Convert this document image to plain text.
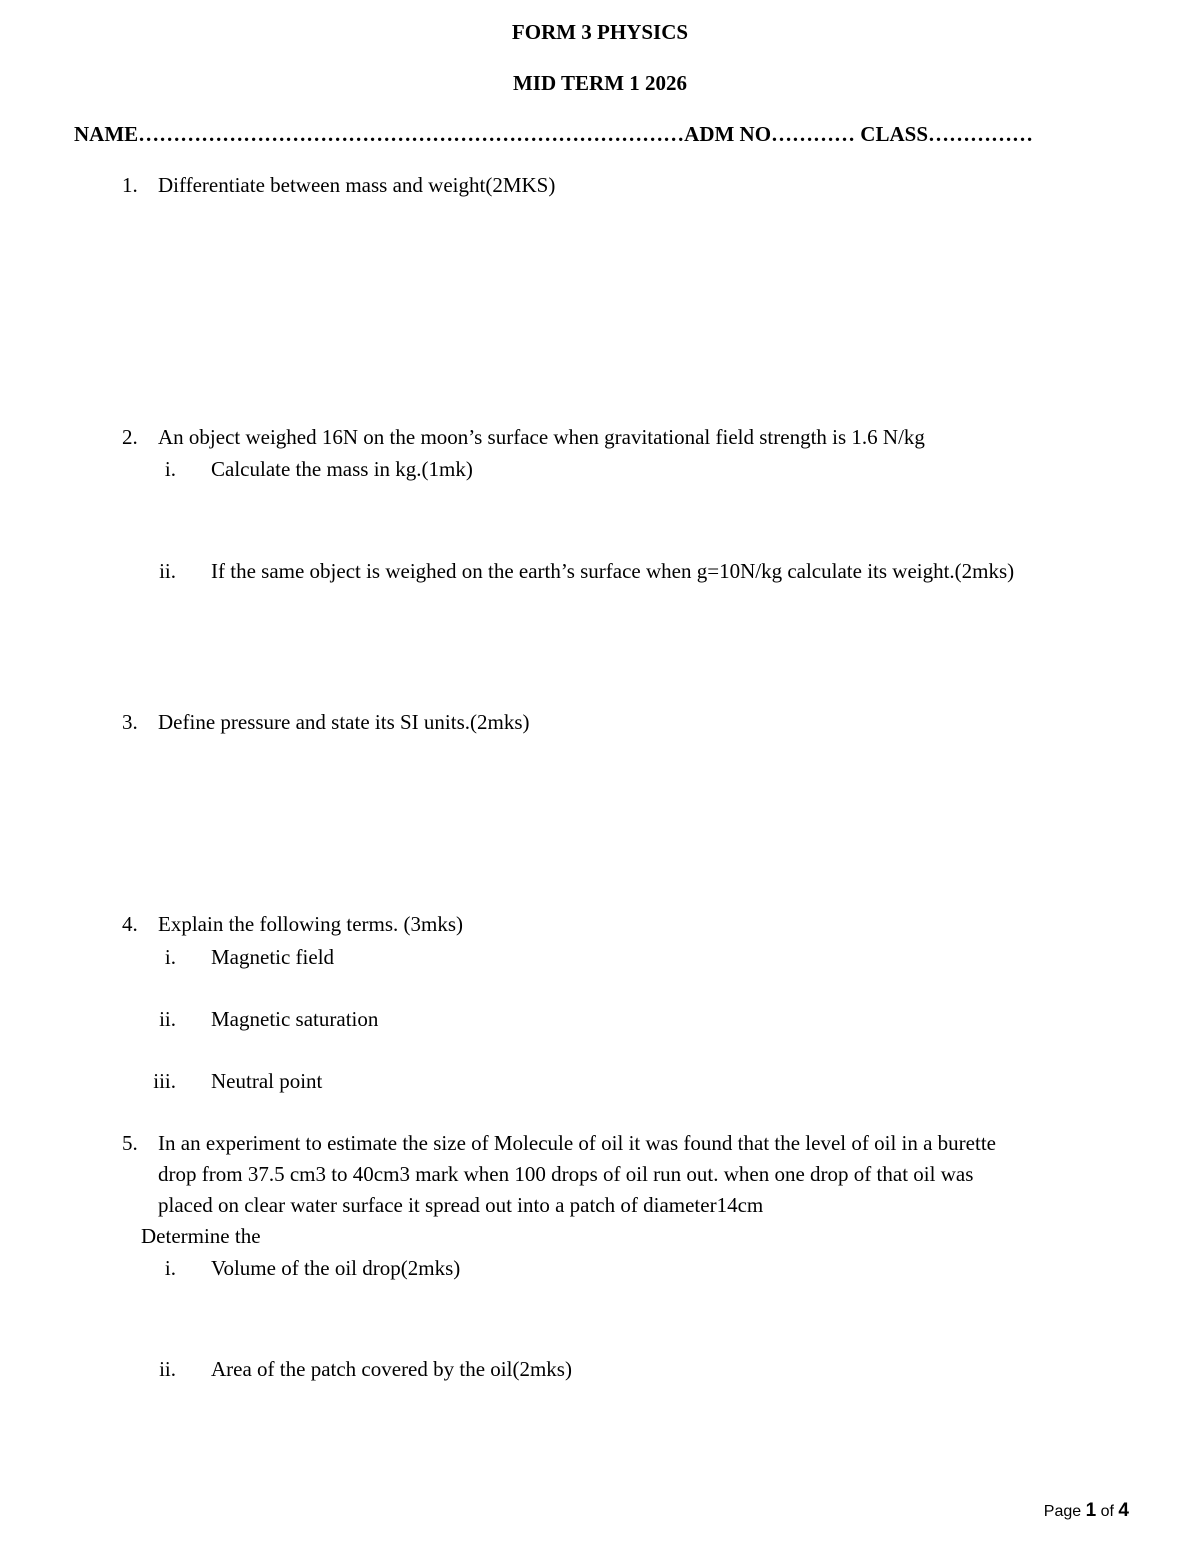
FORM 3 PHYSICS
MID TERM 1 2026
NAME……………………………………………………………………ADM NO………… CLASS……………
1. Differentiate between mass and weight(2MKS)
2. An object weighed 16N on the moon’s surface when gravitational field strength is 1.6 N/kg
i. Calculate the mass in kg.(1mk)
ii. If the same object is weighed on the earth’s surface when g=10N/kg calculate its weight.(2mks)
3. Define pressure and state its SI units.(2mks)
4. Explain the following terms. (3mks)
i. Magnetic field
ii. Magnetic saturation
iii. Neutral point
5. In an experiment to estimate the size of Molecule of oil it was found that the level of oil in a burette
drop from 37.5 cm3 to 40cm3 mark when 100 drops of oil run out. when one drop of that oil was
placed on clear water surface it spread out into a patch of diameter14cm
Determine the
i. Volume of the oil drop(2mks)
ii. Area of the patch covered by the oil(2mks)
Page 1 of 4
